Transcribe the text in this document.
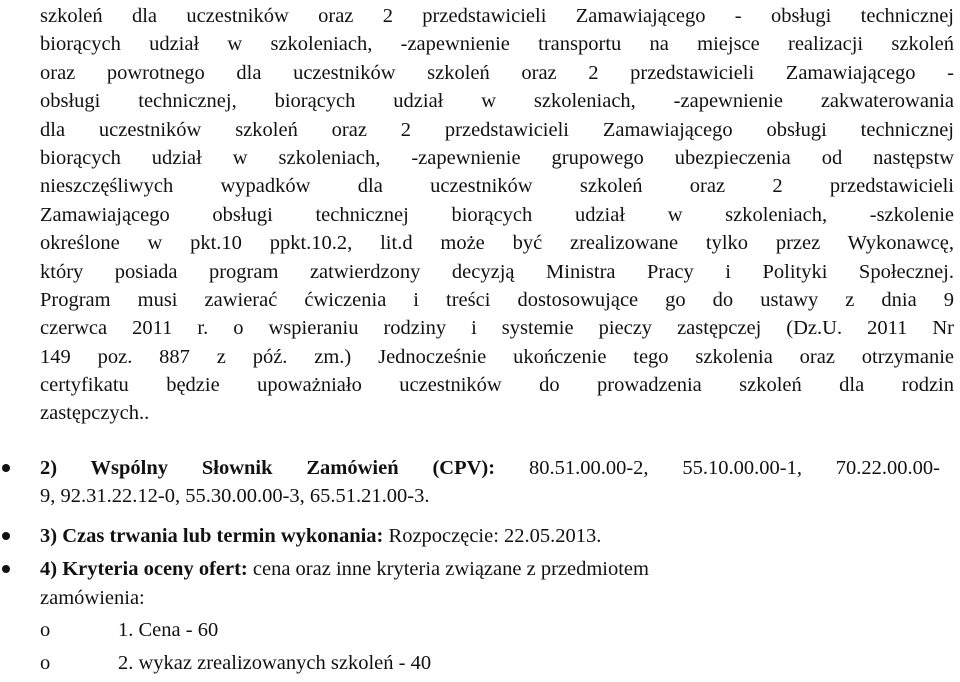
szkoleń dla uczestników oraz 2 przedstawicieli Zamawiającego - obsługi technicznej
biorących udział w szkoleniach, -zapewnienie transportu na miejsce realizacji szkoleń
oraz powrotnego dla uczestników szkoleń oraz 2 przedstawicieli Zamawiającego -
obsługi technicznej, biorących udział w szkoleniach, -zapewnienie zakwaterowania
dla uczestników szkoleń oraz 2 przedstawicieli Zamawiającego obsługi technicznej
biorących udział w szkoleniach, -zapewnienie grupowego ubezpieczenia od następstw
nieszczęśliwych wypadków dla uczestników szkoleń oraz 2 przedstawicieli
Zamawiającego obsługi technicznej biorących udział w szkoleniach, -szkolenie
określone w pkt.10 ppkt.10.2, lit.d może być zrealizowane tylko przez Wykonawcę,
który posiada program zatwierdzony decyzją Ministra Pracy i Polityki Społecznej.
Program musi zawierać ćwiczenia i treści dostosowujące go do ustawy z dnia 9
czerwca 2011 r. o wspieraniu rodziny i systemie pieczy zastępczej (Dz.U. 2011 Nr
149 poz. 887 z póź. zm.) Jednocześnie ukończenie tego szkolenia oraz otrzymanie
certyfikatu będzie upoważniało uczestników do prowadzenia szkoleń dla rodzin
zastępczych..
2) Wspólny Słownik Zamówień (CPV): 80.51.00.00-2, 55.10.00.00-1, 70.22.00.00-
9, 92.31.22.12-0, 55.30.00.00-3, 65.51.21.00-3.
3) Czas trwania lub termin wykonania: Rozpoczęcie: 22.05.2013.
4) Kryteria oceny ofert: cena oraz inne kryteria związane z przedmiotem
zamówienia:
o	1. Cena - 60
o	2. wykaz zrealizowanych szkoleń - 40
